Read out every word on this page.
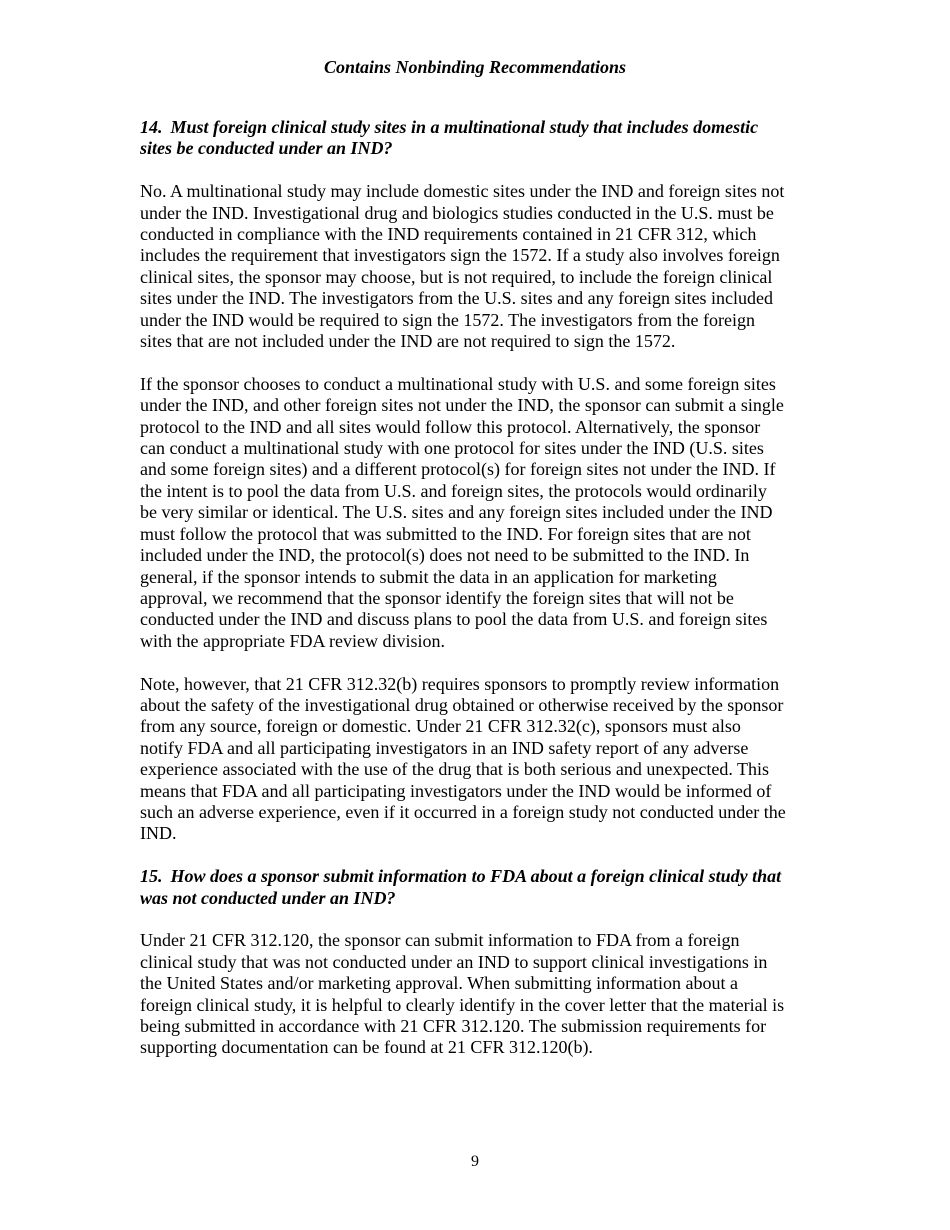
Contains Nonbinding Recommendations
14. Must foreign clinical study sites in a multinational study that includes domestic
sites be conducted under an IND?
No. A multinational study may include domestic sites under the IND and foreign sites not
under the IND. Investigational drug and biologics studies conducted in the U.S. must be
conducted in compliance with the IND requirements contained in 21 CFR 312, which
includes the requirement that investigators sign the 1572. If a study also involves foreign
clinical sites, the sponsor may choose, but is not required, to include the foreign clinical
sites under the IND. The investigators from the U.S. sites and any foreign sites included
under the IND would be required to sign the 1572. The investigators from the foreign
sites that are not included under the IND are not required to sign the 1572.
If the sponsor chooses to conduct a multinational study with U.S. and some foreign sites
under the IND, and other foreign sites not under the IND, the sponsor can submit a single
protocol to the IND and all sites would follow this protocol. Alternatively, the sponsor
can conduct a multinational study with one protocol for sites under the IND (U.S. sites
and some foreign sites) and a different protocol(s) for foreign sites not under the IND. If
the intent is to pool the data from U.S. and foreign sites, the protocols would ordinarily
be very similar or identical. The U.S. sites and any foreign sites included under the IND
must follow the protocol that was submitted to the IND. For foreign sites that are not
included under the IND, the protocol(s) does not need to be submitted to the IND. In
general, if the sponsor intends to submit the data in an application for marketing
approval, we recommend that the sponsor identify the foreign sites that will not be
conducted under the IND and discuss plans to pool the data from U.S. and foreign sites
with the appropriate FDA review division.
Note, however, that 21 CFR 312.32(b) requires sponsors to promptly review information
about the safety of the investigational drug obtained or otherwise received by the sponsor
from any source, foreign or domestic. Under 21 CFR 312.32(c), sponsors must also
notify FDA and all participating investigators in an IND safety report of any adverse
experience associated with the use of the drug that is both serious and unexpected. This
means that FDA and all participating investigators under the IND would be informed of
such an adverse experience, even if it occurred in a foreign study not conducted under the
IND.
15. How does a sponsor submit information to FDA about a foreign clinical study that
was not conducted under an IND?
Under 21 CFR 312.120, the sponsor can submit information to FDA from a foreign
clinical study that was not conducted under an IND to support clinical investigations in
the United States and/or marketing approval. When submitting information about a
foreign clinical study, it is helpful to clearly identify in the cover letter that the material is
being submitted in accordance with 21 CFR 312.120. The submission requirements for
supporting documentation can be found at 21 CFR 312.120(b).
9
